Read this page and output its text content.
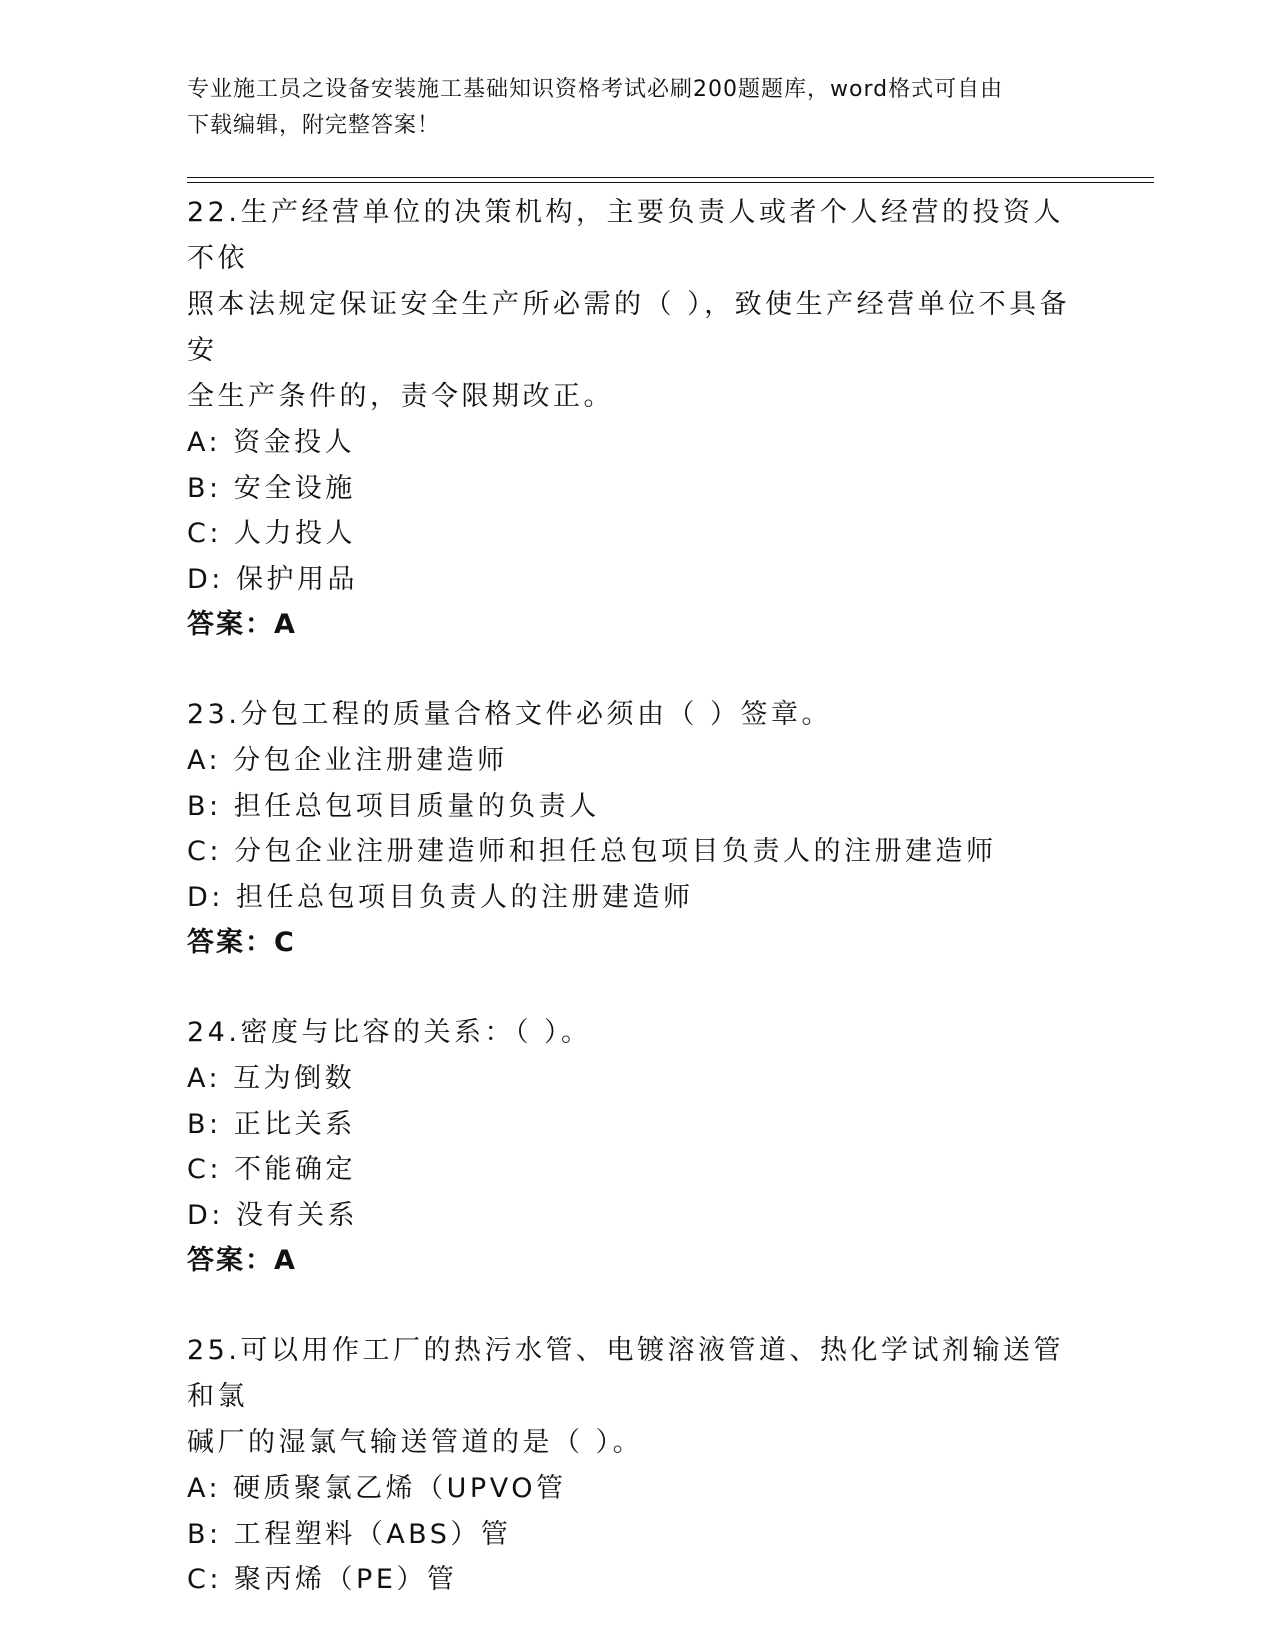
专业施工员之设备安装施工基础知识资格考试必刷200题题库，word格式可自由
下载编辑，附完整答案！

22.生产经营单位的决策机构，主要负责人或者个人经营的投资人不依

照本法规定保证安全生产所必需的（ ），致使生产经营单位不具备安

全生产条件的，责令限期改正。

A: 资金投人

B: 安全设施

C: 人力投人

D: 保护用品

答案：A

23.分包工程的质量合格文件必须由（ ）签章。

A: 分包企业注册建造师

B: 担任总包项目质量的负责人

C: 分包企业注册建造师和担任总包项目负责人的注册建造师

D: 担任总包项目负责人的注册建造师

答案：C

24.密度与比容的关系：（ ）。

A: 互为倒数

B: 正比关系

C: 不能确定

D: 没有关系

答案：A

25.可以用作工厂的热污水管、电镀溶液管道、热化学试剂输送管和氯

碱厂的湿氯气输送管道的是（ ）。

A: 硬质聚氯乙烯（UPVO管

B: 工程塑料（ABS）管

C: 聚丙烯（PE）管
